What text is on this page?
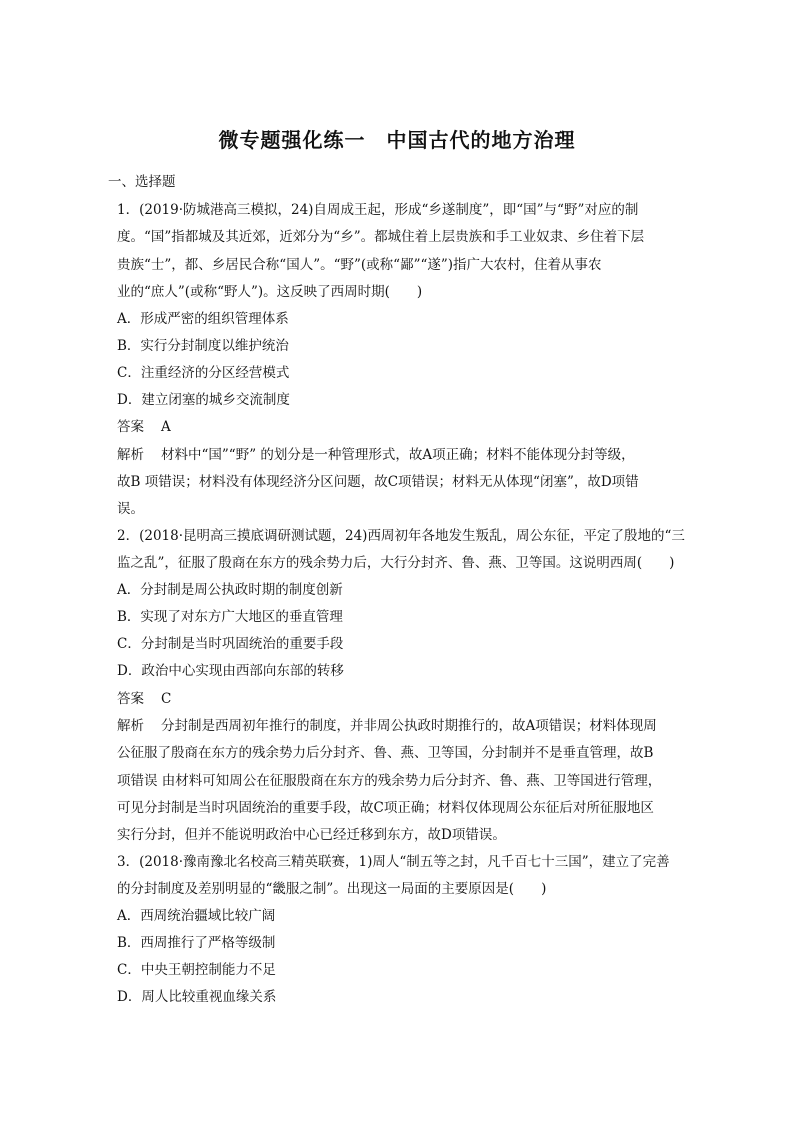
微专题强化练一　中国古代的地方治理
一、选择题
1．(2019·防城港高三模拟，24)自周成王起，形成“乡遂制度”，即“国”与“野”对应的制
度。“国”指都城及其近郊，近郊分为“乡”。都城住着上层贵族和手工业奴隶、乡住着下层
贵族“士”，都、乡居民合称“国人”。“野”(或称“鄙”“遂”)指广大农村，住着从事农
业的“庶人”(或称“野人”)。这反映了西周时期(　　)
A．形成严密的组织管理体系
B．实行分封制度以维护统治
C．注重经济的分区经营模式
D．建立闭塞的城乡交流制度
答案 A
解析 材料中“国”“野” 的划分是一种管理形式，故A项正确；材料不能体现分封等级，
故B 项错误；材料没有体现经济分区问题，故C项错误；材料无从体现“闭塞”，故D项错
误。
2．(2018·昆明高三摸底调研测试题，24)西周初年各地发生叛乱，周公东征，平定了殷地的“三
监之乱”，征服了殷商在东方的残余势力后，大行分封齐、鲁、燕、卫等国。这说明西周(　　)
A．分封制是周公执政时期的制度创新
B．实现了对东方广大地区的垂直管理
C．分封制是当时巩固统治的重要手段
D．政治中心实现由西部向东部的转移
答案 C
解析 分封制是西周初年推行的制度，并非周公执政时期推行的，故A项错误；材料体现周
公征服了殷商在东方的残余势力后分封齐、鲁、燕、卫等国，分封制并不是垂直管理，故B
项错误 由材料可知周公在征服殷商在东方的残余势力后分封齐、鲁、燕、卫等国进行管理，
可见分封制是当时巩固统治的重要手段，故C项正确；材料仅体现周公东征后对所征服地区
实行分封，但并不能说明政治中心已经迁移到东方，故D项错误。
3．(2018·豫南豫北名校高三精英联赛，1)周人“制五等之封，凡千百七十三国”，建立了完善
的分封制度及差别明显的“畿服之制”。出现这一局面的主要原因是(　　)
A．西周统治疆域比较广阔
B．西周推行了严格等级制
C．中央王朝控制能力不足
D．周人比较重视血缘关系
